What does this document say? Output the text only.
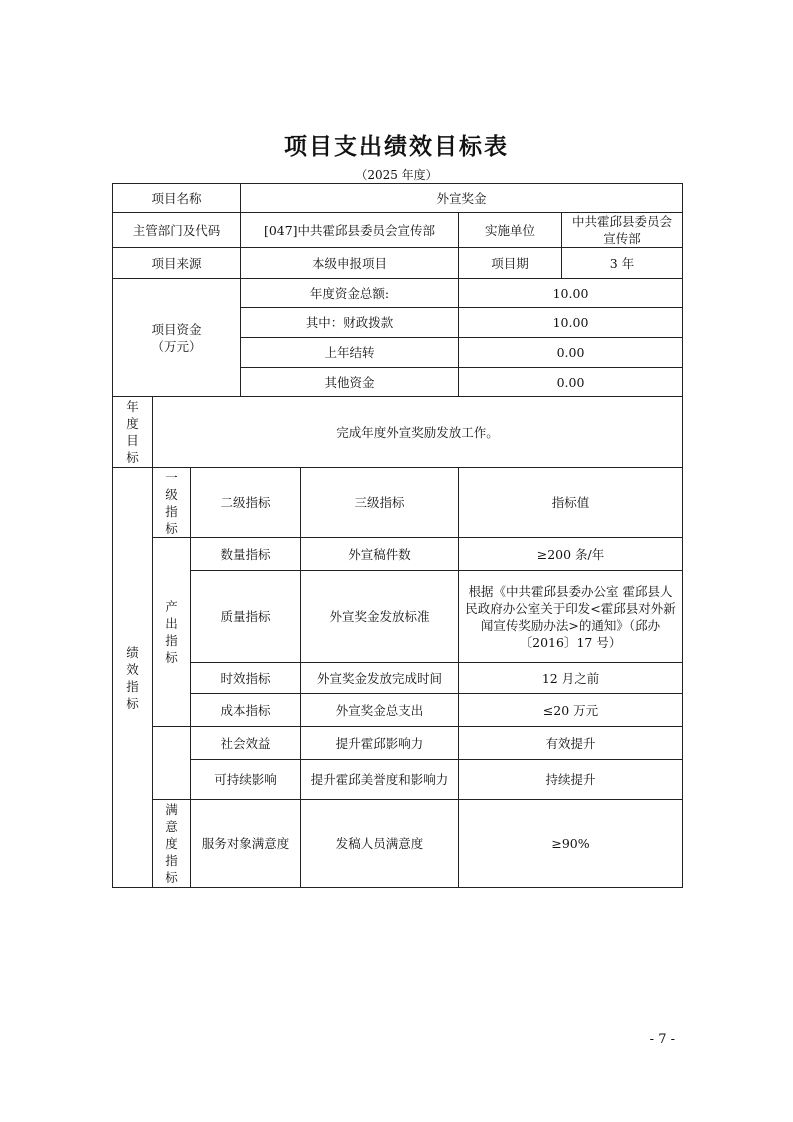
项目支出绩效目标表
（2025 年度）
项目名称			外宣奖金			
主管部门及代码			[047]中共霍邱县委员会宣传部		实施单位	中共霍邱县委员会宣传部
项目来源			本级申报项目		项目期	3 年

项目资金
（万元）			年度资金总额:		10.00	
			其中：财政拨款		10.00	
			上年结转		0.00	
			其他资金		0.00	

年度目标	完成年度外宣奖励发放工作。					

绩效指标	一级指标	二级指标		三级指标	指标值	

	产出指标	数量指标		外宣稿件数	≥200 条/年	
		质量指标		外宣奖金发放标准	根据《中共霍邱县委办公室 霍邱县人民政府办公室关于印发<霍邱县对外新闻宣传奖励办法>的通知》（邱办〔2016〕17 号）	
		时效指标		外宣奖金发放完成时间	12 月之前	
		成本指标		外宣奖金总支出	≤20 万元	

		社会效益		提升霍邱影响力	有效提升	
		可持续影响		提升霍邱美誉度和影响力	持续提升	

	满意度指标	服务对象满意度		发稿人员满意度	≥90%	
- 7 -
